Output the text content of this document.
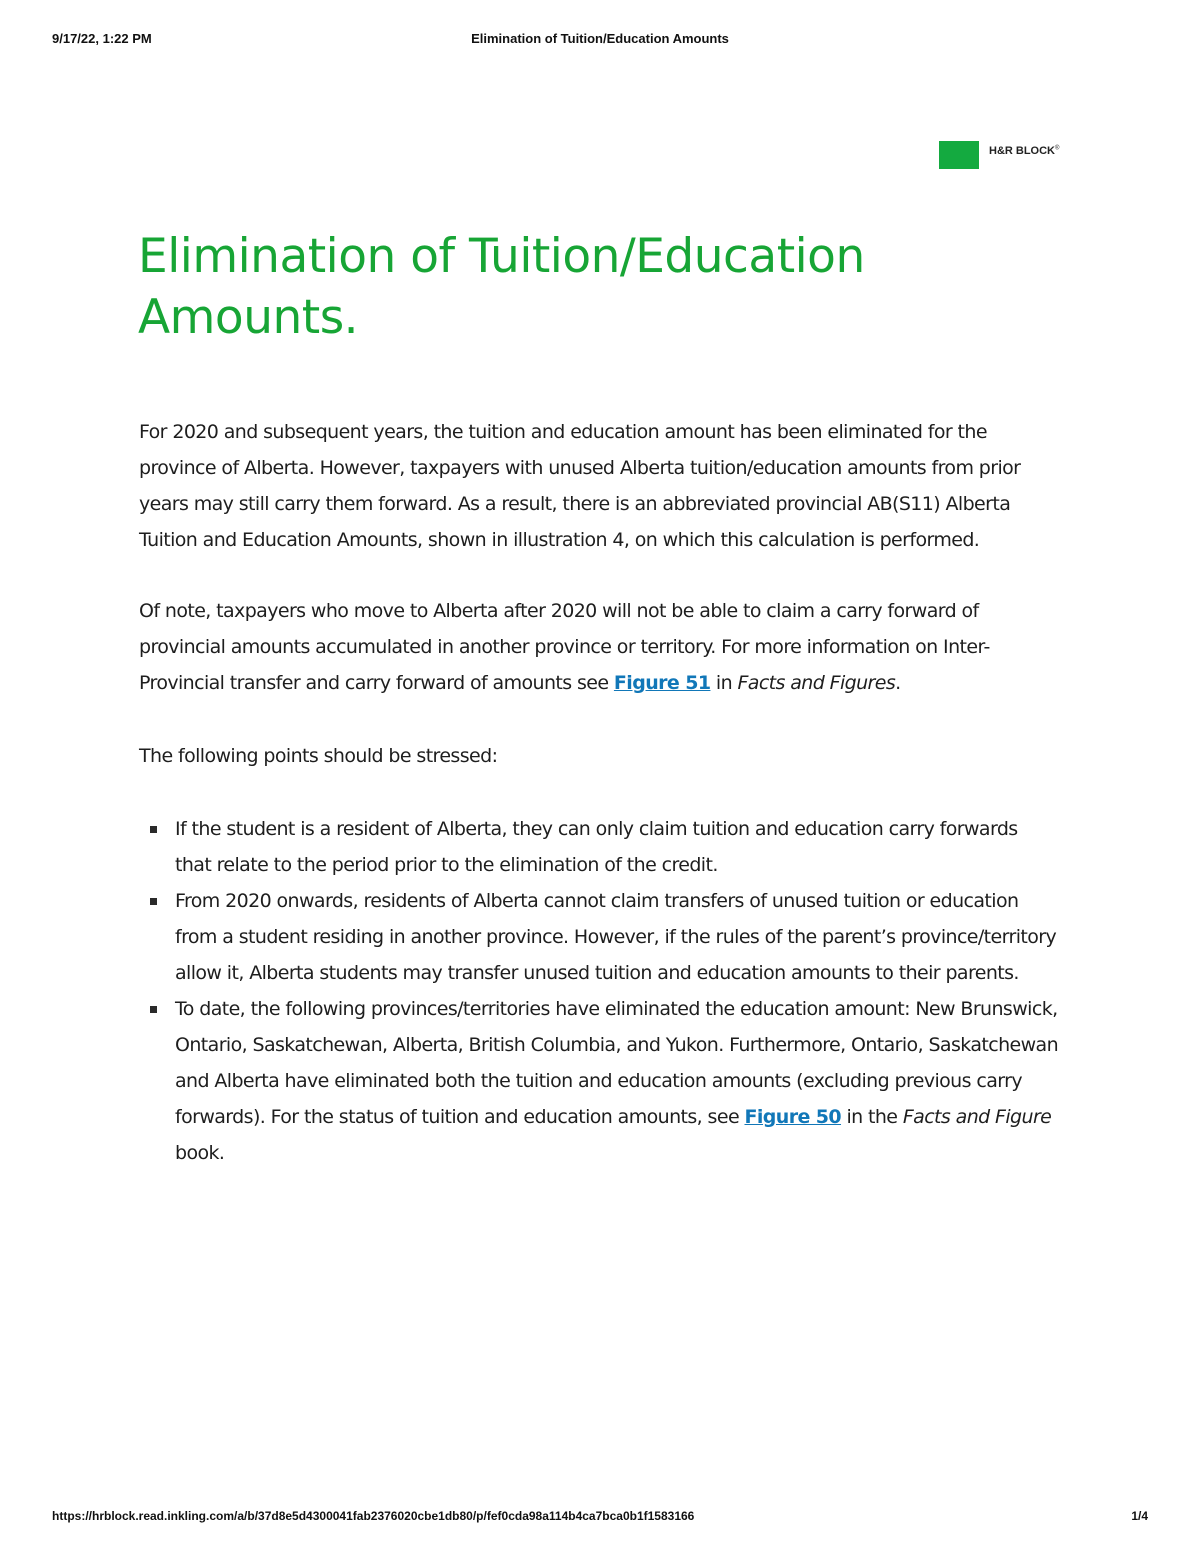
9/17/22, 1:22 PM	Elimination of Tuition/Education Amounts
H&R BLOCK®
Elimination of Tuition/Education
Amounts.

For 2020 and subsequent years, the tuition and education amount has been eliminated for the province of Alberta. However, taxpayers with unused Alberta tuition/education amounts from prior years may still carry them forward. As a result, there is an abbreviated provincial AB(S11) Alberta Tuition and Education Amounts, shown in illustration 4, on which this calculation is performed.

Of note, taxpayers who move to Alberta after 2020 will not be able to claim a carry forward of provincial amounts accumulated in another province or territory. For more information on Inter-Provincial transfer and carry forward of amounts see Figure 51 in Facts and Figures.

The following points should be stressed:

If the student is a resident of Alberta, they can only claim tuition and education carry forwards that relate to the period prior to the elimination of the credit.
From 2020 onwards, residents of Alberta cannot claim transfers of unused tuition or education from a student residing in another province. However, if the rules of the parent’s province/territory allow it, Alberta students may transfer unused tuition and education amounts to their parents.
To date, the following provinces/territories have eliminated the education amount: New Brunswick, Ontario, Saskatchewan, Alberta, British Columbia, and Yukon. Furthermore, Ontario, Saskatchewan and Alberta have eliminated both the tuition and education amounts (excluding previous carry forwards). For the status of tuition and education amounts, see Figure 50 in the Facts and Figure book.
https://hrblock.read.inkling.com/a/b/37d8e5d4300041fab2376020cbe1db80/p/fef0cda98a114b4ca7bca0b1f1583166	1/4
